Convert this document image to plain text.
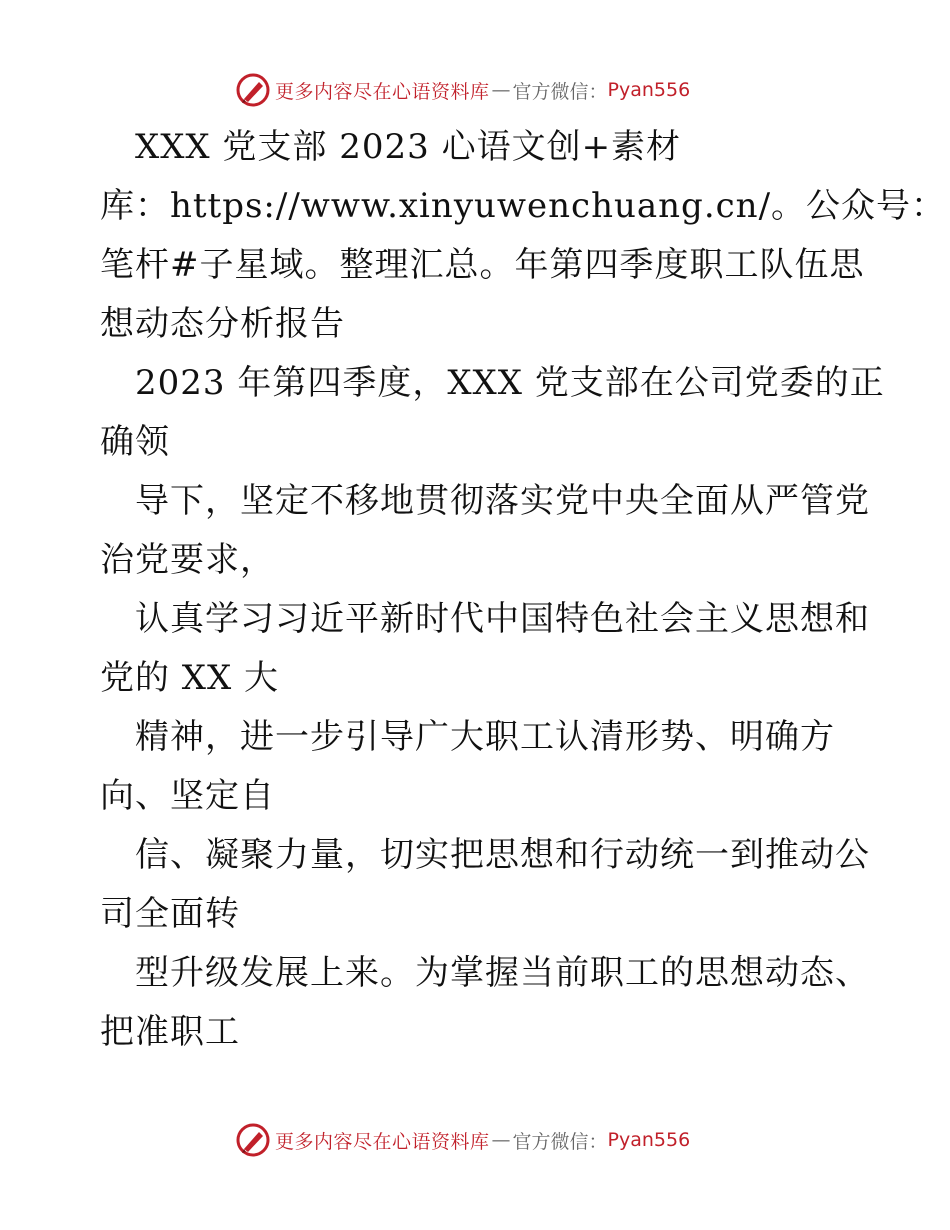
更多内容尽在心语资料库 — 官方微信： Pyan556
XXX 党支部 2023 心语文创+素材
库：https://www.xinyuwenchuang.cn/。公众号：
笔杆#子星域。整理汇总。年第四季度职工队伍思
想动态分析报告
2023 年第四季度，XXX 党支部在公司党委的正
确领
导下，坚定不移地贯彻落实党中央全面从严管党
治党要求，
认真学习习近平新时代中国特色社会主义思想和
党的 XX 大
精神，进一步引导广大职工认清形势、明确方
向、坚定自
信、凝聚力量，切实把思想和行动统一到推动公
司全面转
型升级发展上来。为掌握当前职工的思想动态、
把准职工
更多内容尽在心语资料库 — 官方微信： Pyan556
